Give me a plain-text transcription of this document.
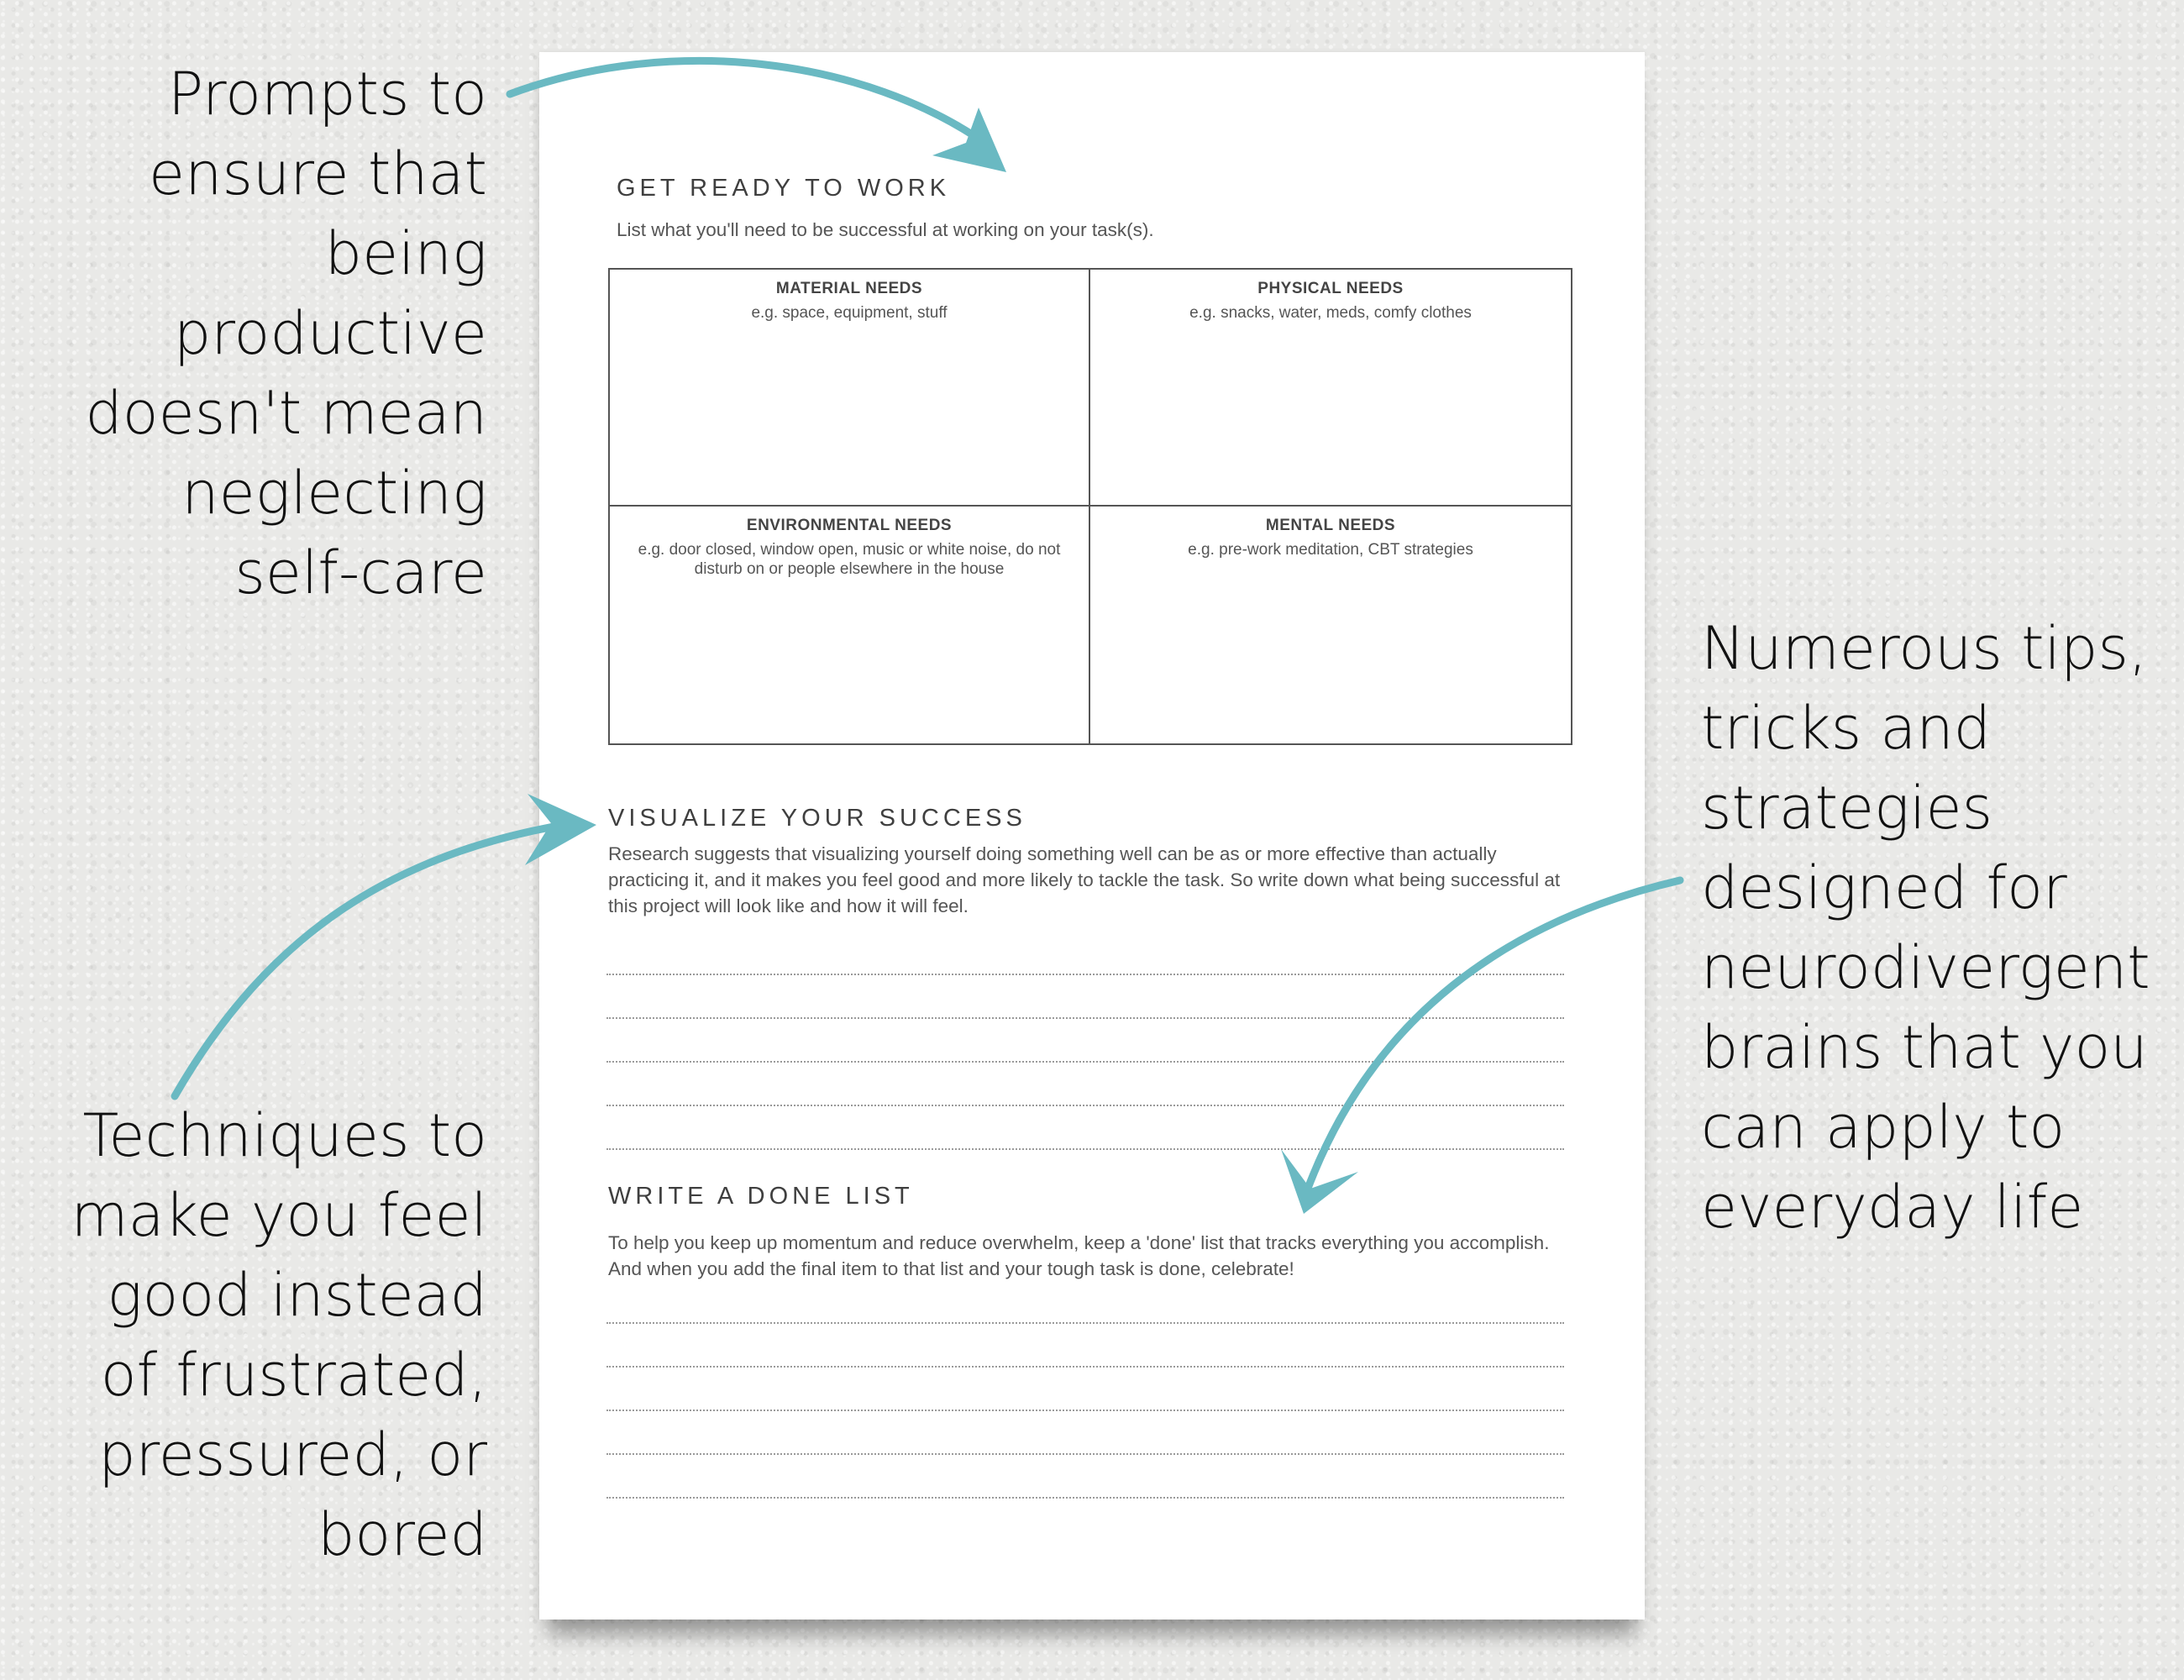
Prompts to ensure that being productive doesn't mean neglecting self-care

Techniques to make you feel good instead of frustrated, pressured, or bored

Numerous tips, tricks and strategies designed for neurodivergent brains that you can apply to everyday life

GET READY TO WORK

List what you'll need to be successful at working on your task(s).

MATERIAL NEEDS

e.g. space, equipment, stuff

PHYSICAL NEEDS

e.g. snacks, water, meds, comfy clothes

ENVIRONMENTAL NEEDS

e.g. door closed, window open, music or white noise, do not disturb on or people elsewhere in the house

MENTAL NEEDS

e.g. pre-work meditation, CBT strategies

VISUALIZE YOUR SUCCESS

Research suggests that visualizing yourself doing something well can be as or more effective than actually practicing it, and it makes you feel good and more likely to tackle the task. So write down what being successful at this project will look like and how it will feel.

WRITE A DONE LIST

To help you keep up momentum and reduce overwhelm, keep a 'done' list that tracks everything you accomplish. And when you add the final item to that list and your tough task is done, celebrate!
